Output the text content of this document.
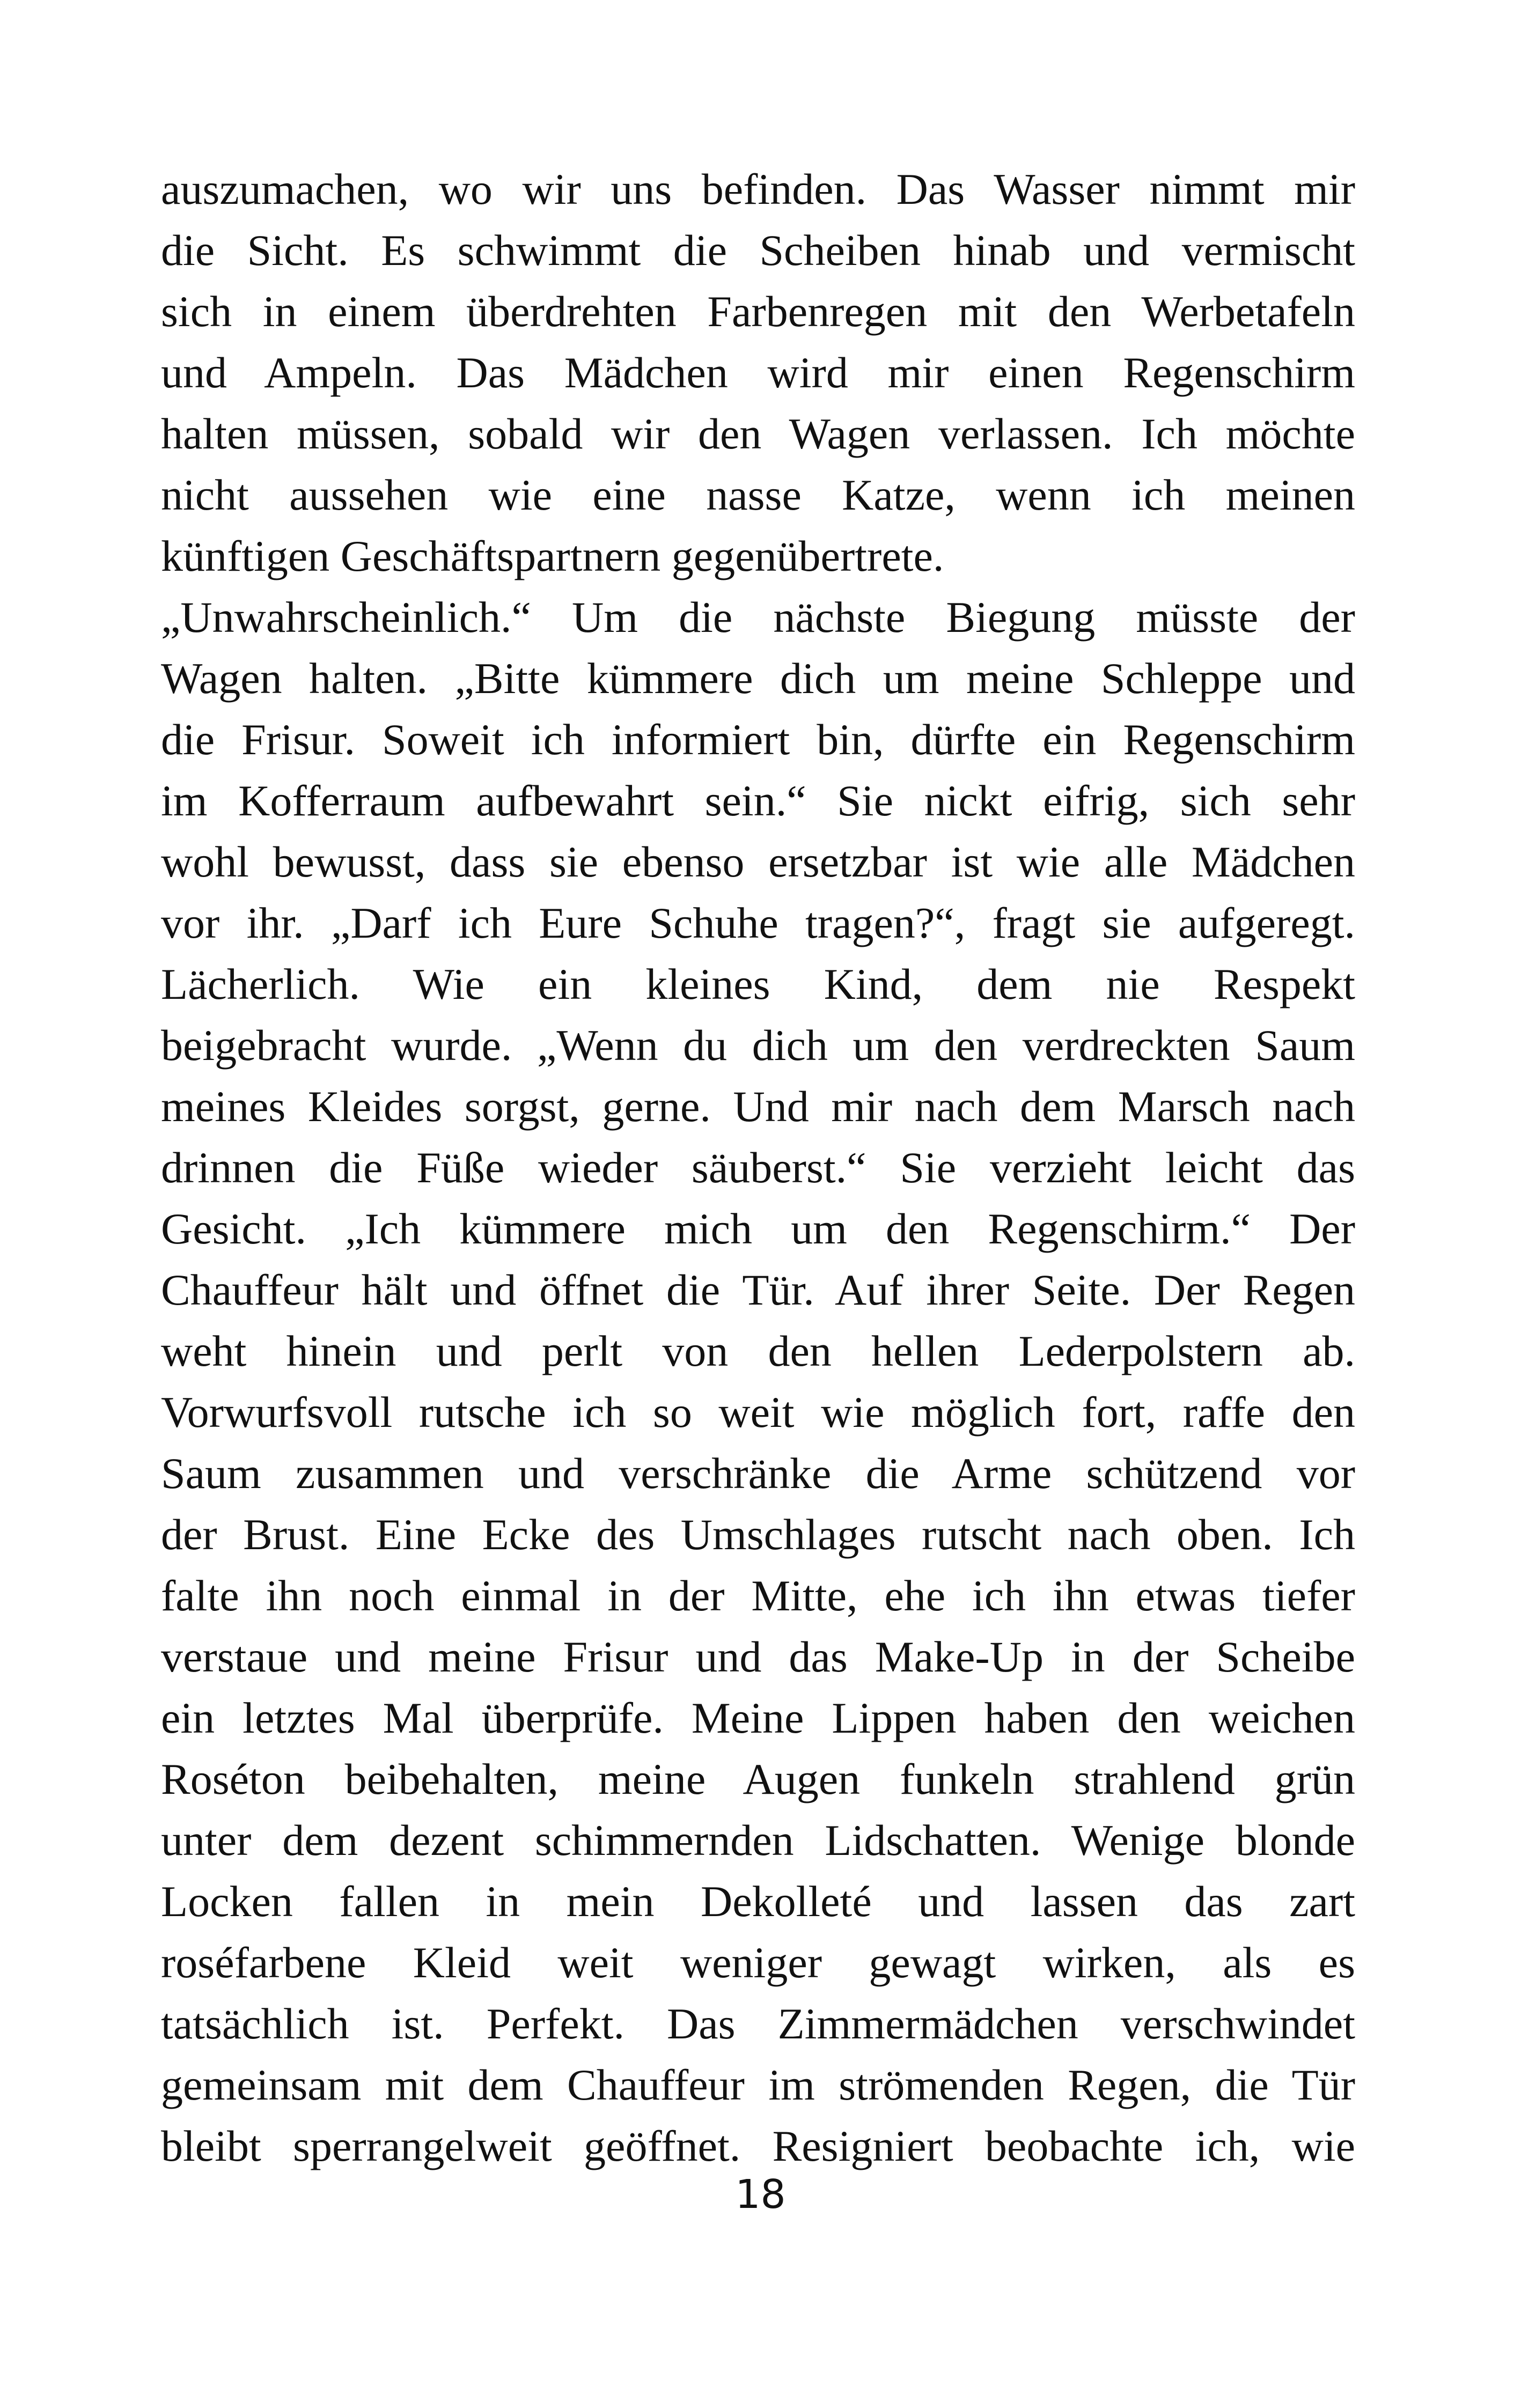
auszumachen, wo wir uns befinden. Das Wasser nimmt mir
die Sicht. Es schwimmt die Scheiben hinab und vermischt
sich in einem überdrehten Farbenregen mit den Werbetafeln
und Ampeln. Das Mädchen wird mir einen Regenschirm
halten müssen, sobald wir den Wagen verlassen. Ich möchte
nicht aussehen wie eine nasse Katze, wenn ich meinen
künftigen Geschäftspartnern gegenübertrete.
„Unwahrscheinlich.“ Um die nächste Biegung müsste der
Wagen halten. „Bitte kümmere dich um meine Schleppe und
die Frisur. Soweit ich informiert bin, dürfte ein Regenschirm
im Kofferraum aufbewahrt sein.“ Sie nickt eifrig, sich sehr
wohl bewusst, dass sie ebenso ersetzbar ist wie alle Mädchen
vor ihr. „Darf ich Eure Schuhe tragen?“, fragt sie aufgeregt.
Lächerlich. Wie ein kleines Kind, dem nie Respekt
beigebracht wurde. „Wenn du dich um den verdreckten Saum
meines Kleides sorgst, gerne. Und mir nach dem Marsch nach
drinnen die Füße wieder säuberst.“ Sie verzieht leicht das
Gesicht. „Ich kümmere mich um den Regenschirm.“ Der
Chauffeur hält und öffnet die Tür. Auf ihrer Seite. Der Regen
weht hinein und perlt von den hellen Lederpolstern ab.
Vorwurfsvoll rutsche ich so weit wie möglich fort, raffe den
Saum zusammen und verschränke die Arme schützend vor
der Brust. Eine Ecke des Umschlages rutscht nach oben. Ich
falte ihn noch einmal in der Mitte, ehe ich ihn etwas tiefer
verstaue und meine Frisur und das Make-Up in der Scheibe
ein letztes Mal überprüfe. Meine Lippen haben den weichen
Roséton beibehalten, meine Augen funkeln strahlend grün
unter dem dezent schimmernden Lidschatten. Wenige blonde
Locken fallen in mein Dekolleté und lassen das zart
roséfarbene Kleid weit weniger gewagt wirken, als es
tatsächlich ist. Perfekt. Das Zimmermädchen verschwindet
gemeinsam mit dem Chauffeur im strömenden Regen, die Tür
bleibt sperrangelweit geöffnet. Resigniert beobachte ich, wie
18
